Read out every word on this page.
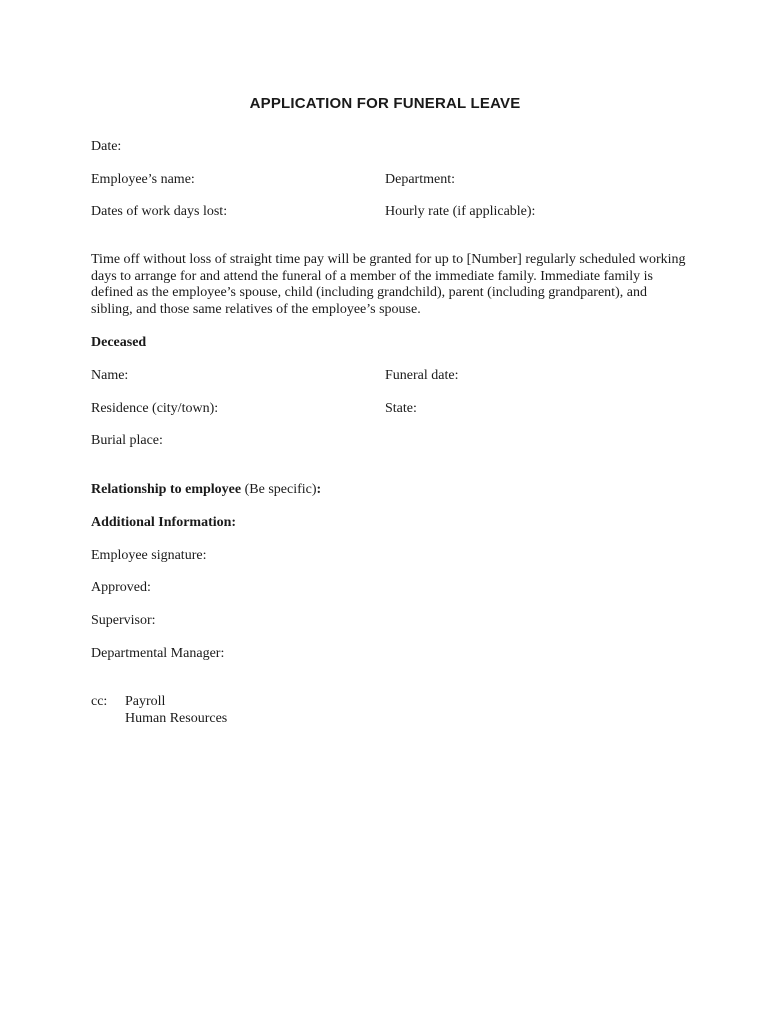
APPLICATION FOR FUNERAL LEAVE
Date:
Employee’s name:	Department:
Dates of work days lost:	Hourly rate (if applicable):
Time off without loss of straight time pay will be granted for up to [Number] regularly scheduled working
days to arrange for and attend the funeral of a member of the immediate family. Immediate family is
defined as the employee’s spouse, child (including grandchild), parent (including grandparent), and
sibling, and those same relatives of the employee’s spouse.
Deceased
Name:	Funeral date:
Residence (city/town):	State:
Burial place:
Relationship to employee (Be specific):
Additional Information:
Employee signature:
Approved:
Supervisor:
Departmental Manager:
cc: Payroll
Human Resources
